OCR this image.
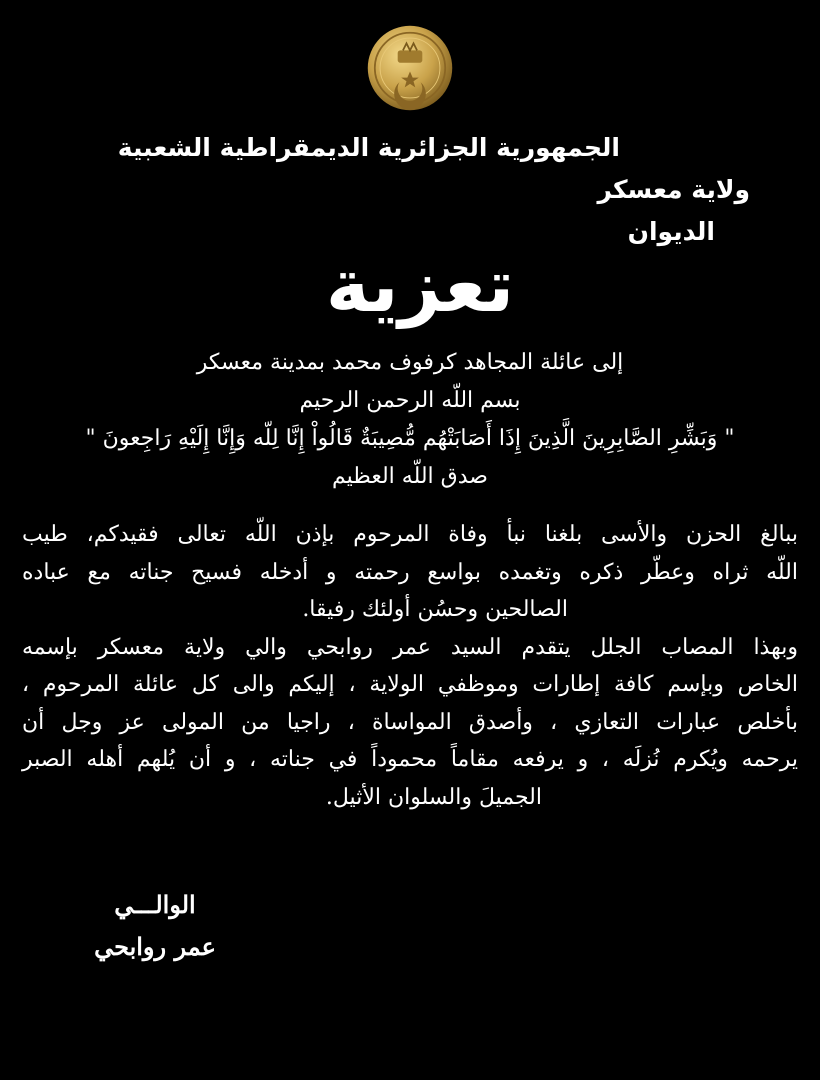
الجمهورية الجزائرية الديمقراطية الشعبية
ولاية معسكر
الديوان
تعزية
إلى عائلة المجاهد كرفوف محمد بمدينة معسكر
بسم اللّه الرحمن الرحيم
" وَبَشِّرِ الصَّابِرِينَ الَّذِينَ إِذَا أَصَابَتْهُم مُّصِيبَةٌ قَالُواْ إِنَّا لِلّه وَإِنَّا إِلَيْهِ رَاجِعونَ "
صدق اللّه العظيم
ببالغ الحزن والأسى بلغنا نبأ وفاة المرحوم بإذن اللّه تعالى فقيدكم، طيب
اللّه ثراه وعطّر ذكره وتغمده بواسع رحمته و أدخله فسيح جناته مع عباده
الصالحين وحسُن أولئك رفيقا.
وبهذا المصاب الجلل يتقدم السيد عمر روابحي والي ولاية معسكر بإسمه
الخاص وبإسم كافة إطارات وموظفي الولاية ، إليكم والى كل عائلة المرحوم ،
بأخلص عبارات التعازي ، وأصدق المواساة ، راجيا من المولى عز وجل أن
يرحمه ويُكرم نُزلَه ، و يرفعه مقاماً محموداً في جناته ، و أن يُلهم أهله الصبر
الجميلَ والسلوان الأثيل.
الوالـــي
عمر روابحي
